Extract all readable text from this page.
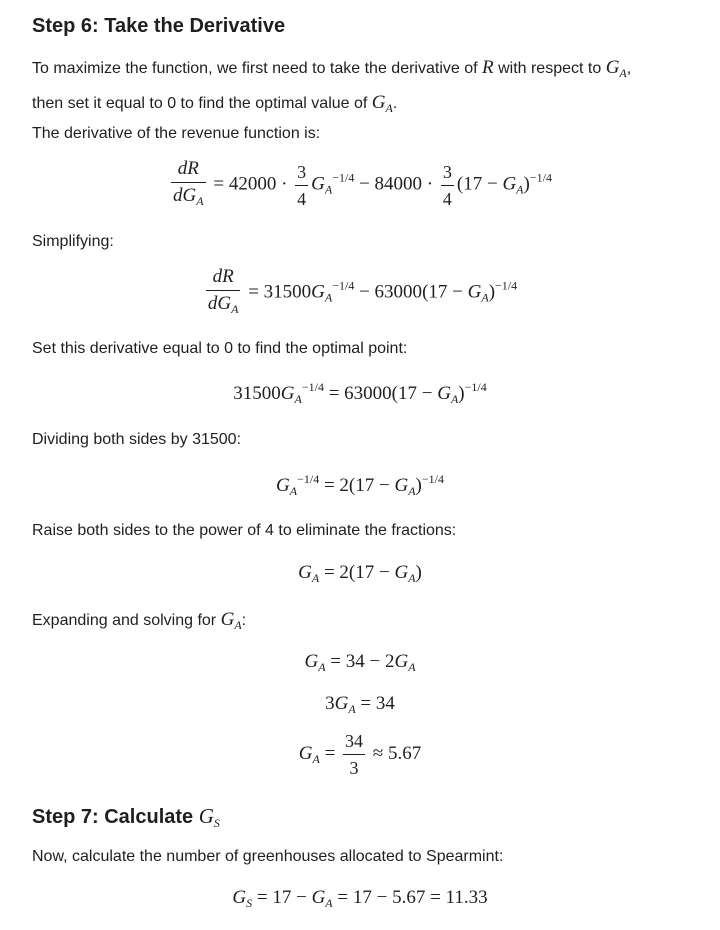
Step 6: Take the Derivative

To maximize the function, we first need to take the derivative of R with respect to $G_A$,
then set it equal to 0 to find the optimal value of $G_A$.

The derivative of the revenue function is:

$\frac{dR}{dG_A} = 42000 \cdot \frac{3}{4} G_A^{-1/4} - 84000 \cdot \frac{3}{4} (17 - G_A)^{-1/4}$

Simplifying:

$\frac{dR}{dG_A} = 31500G_A^{-1/4} - 63000(17 - G_A)^{-1/4}$

Set this derivative equal to 0 to find the optimal point:

$31500G_A^{-1/4} = 63000(17 - G_A)^{-1/4}$

Dividing both sides by 31500:

$G_A^{-1/4} = 2(17 - G_A)^{-1/4}$

Raise both sides to the power of 4 to eliminate the fractions:

$G_A = 2(17 - G_A)$

Expanding and solving for $G_A$:

$G_A = 34 - 2G_A$
$3G_A = 34$
$G_A = \frac{34}{3} \approx 5.67$
Step 7: Calculate $G_S$

Now, calculate the number of greenhouses allocated to Spearmint:

$G_S = 17 - G_A = 17 - 5.67 = 11.33$
